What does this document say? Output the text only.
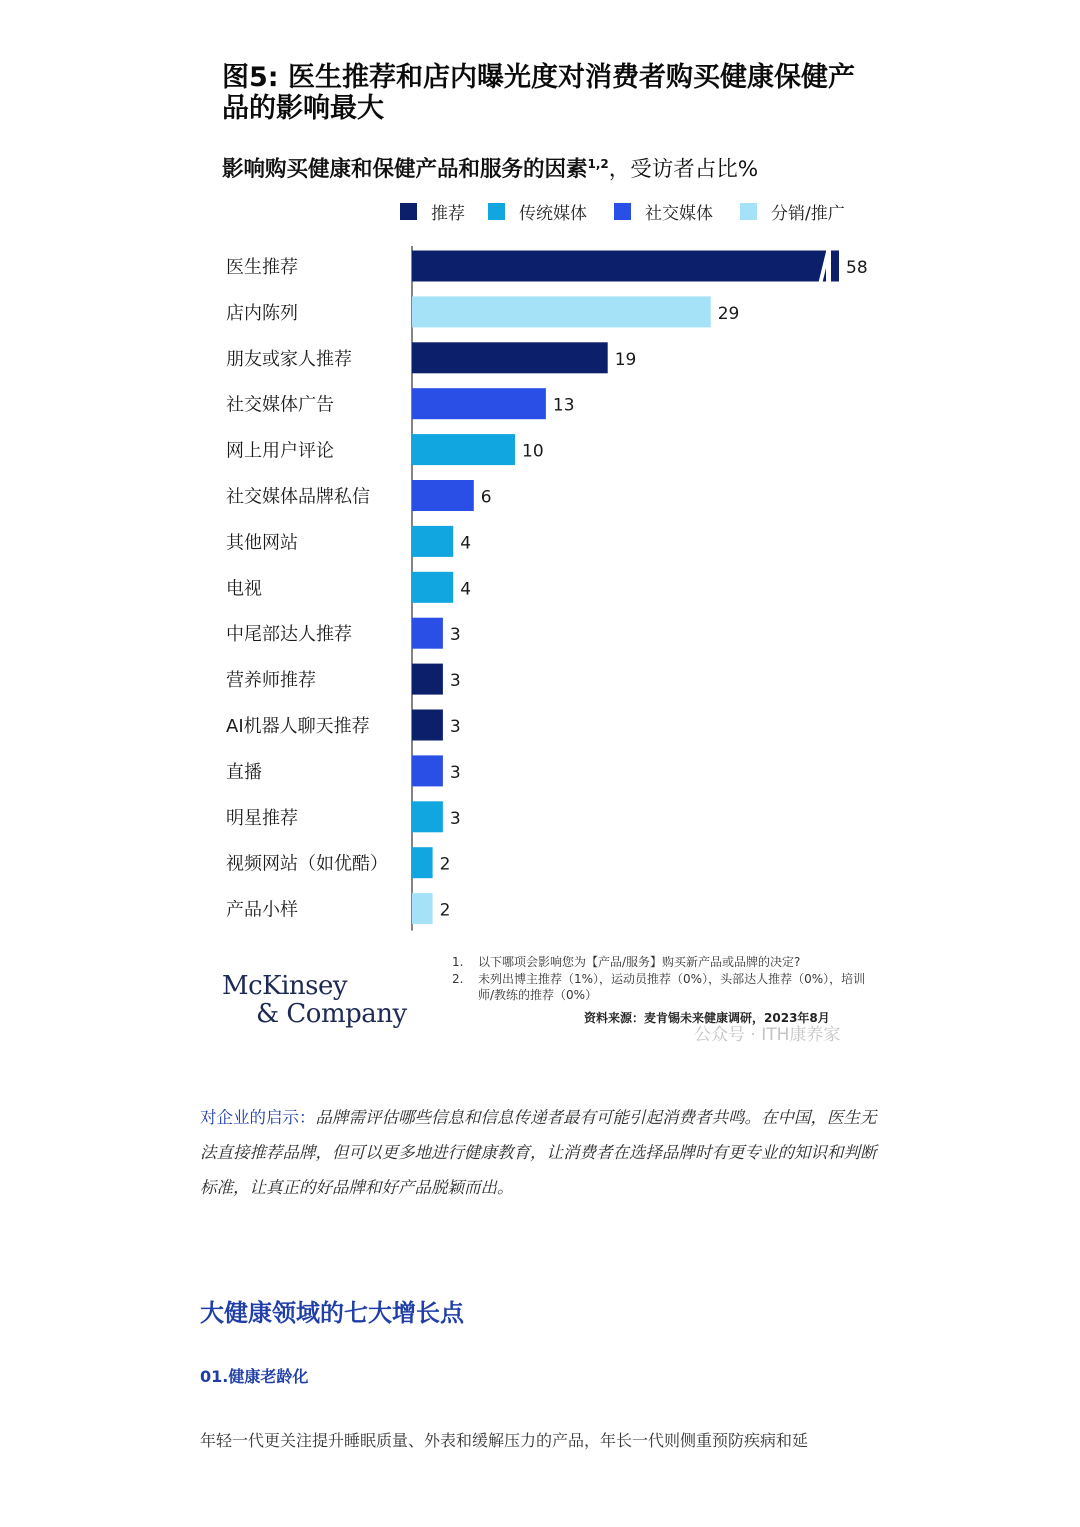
图5: 医生推荐和店内曝光度对消费者购买健康保健产品的影响最大
影响购买健康和保健产品和服务的因素$^{1,2}$，受访者占比%
推荐	传统媒体	社交媒体	分销/推广
医生推荐	58
店内陈列	29
朋友或家人推荐	19
社交媒体广告	13
网上用户评论	10
社交媒体品牌私信	6
其他网站	4
电视	4
中尾部达人推荐	3
营养师推荐	3
AI机器人聊天推荐	3
直播	3
明星推荐	3
视频网站（如优酷）	2
产品小样	2
McKinsey
& Company
1.	以下哪项会影响您为【产品/服务】购买新产品或品牌的决定?
2.	未列出博主推荐（1%），运动员推荐（0%），头部达人推荐（0%），培训师/教练的推荐（0%）
资料来源：麦肯锡未来健康调研，2023年8月
公众号 · ITH康养家
对企业的启示：品牌需评估哪些信息和信息传递者最有可能引起消费者共鸣。在中国，医生无法直接推荐品牌，但可以更多地进行健康教育，让消费者在选择品牌时有更专业的知识和判断标准，让真正的好品牌和好产品脱颖而出。
大健康领域的七大增长点
01.健康老龄化
年轻一代更关注提升睡眠质量、外表和缓解压力的产品，年长一代则侧重预防疾病和延
